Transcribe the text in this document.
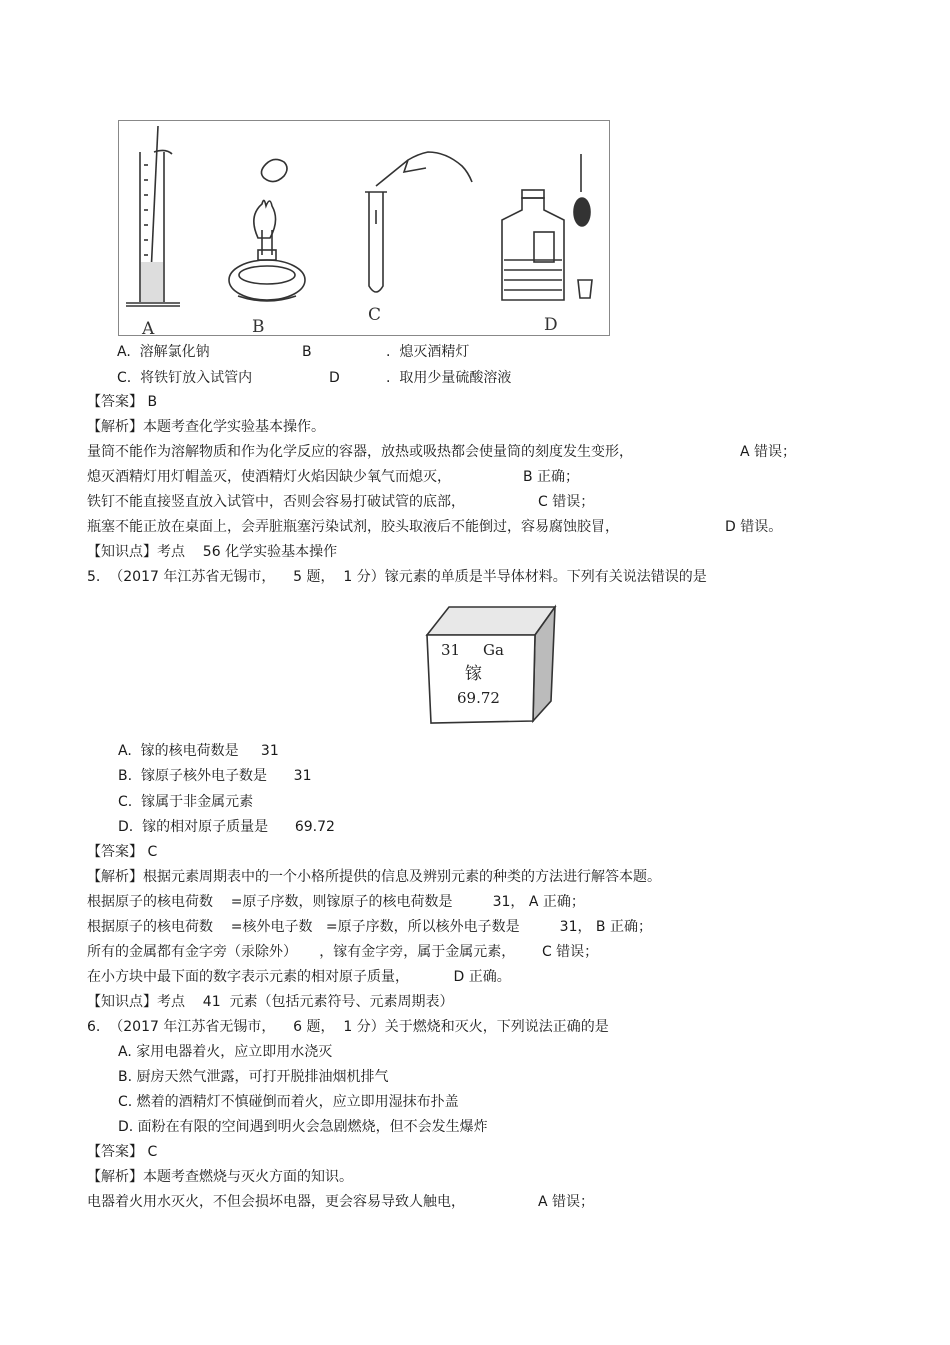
A	B
C	D
A.  溶解氯化钠	B	.  熄灭酒精灯
C.  将铁钉放入试管内	D	.  取用少量硫酸溶液
【答案】 B
【解析】本题考查化学实验基本操作。
量筒不能作为溶解物质和作为化学反应的容器，放热或吸热都会使量筒的刻度发生变形，	A 错误；
熄灭酒精灯用灯帽盖灭，使酒精灯火焰因缺少氧气而熄灭，	B 正确；
铁钉不能直接竖直放入试管中，否则会容易打破试管的底部，	C 错误；
瓶塞不能正放在桌面上，会弄脏瓶塞污染试剂，胶头取液后不能倒过，容易腐蚀胶冒，	D 错误。
【知识点】考点    56 化学实验基本操作
5.  （2017 年江苏省无锡市，    5 题，  1 分）镓元素的单质是半导体材料。下列有关说法错误的是
31 Ga
镓
69.72
A.  镓的核电荷数是     31
B.  镓原子核外电子数是      31
C.  镓属于非金属元素
D.  镓的相对原子质量是      69.72
【答案】 C
【解析】根据元素周期表中的一个小格所提供的信息及辨别元素的种类的方法进行解答本题。
根据原子的核电荷数    =原子序数，则镓原子的核电荷数是         31， A 正确；
根据原子的核电荷数    =核外电子数   =原子序数，所以核外电子数是         31， B 正确；
所有的金属都有金字旁（汞除外）     ，镓有金字旁，属于金属元素，      C 错误；
在小方块中最下面的数字表示元素的相对原子质量，          D 正确。
【知识点】考点    41  元素（包括元素符号、元素周期表）
6.  （2017 年江苏省无锡市，    6 题，  1 分）关于燃烧和灭火，下列说法正确的是
A. 家用电器着火，应立即用水浇灭
B. 厨房天然气泄露，可打开脱排油烟机排气
C. 燃着的酒精灯不慎碰倒而着火，应立即用湿抹布扑盖
D. 面粉在有限的空间遇到明火会急剧燃烧，但不会发生爆炸
【答案】 C
【解析】本题考查燃烧与灭火方面的知识。
电器着火用水灭火，不但会损坏电器，更会容易导致人触电，	A 错误；
